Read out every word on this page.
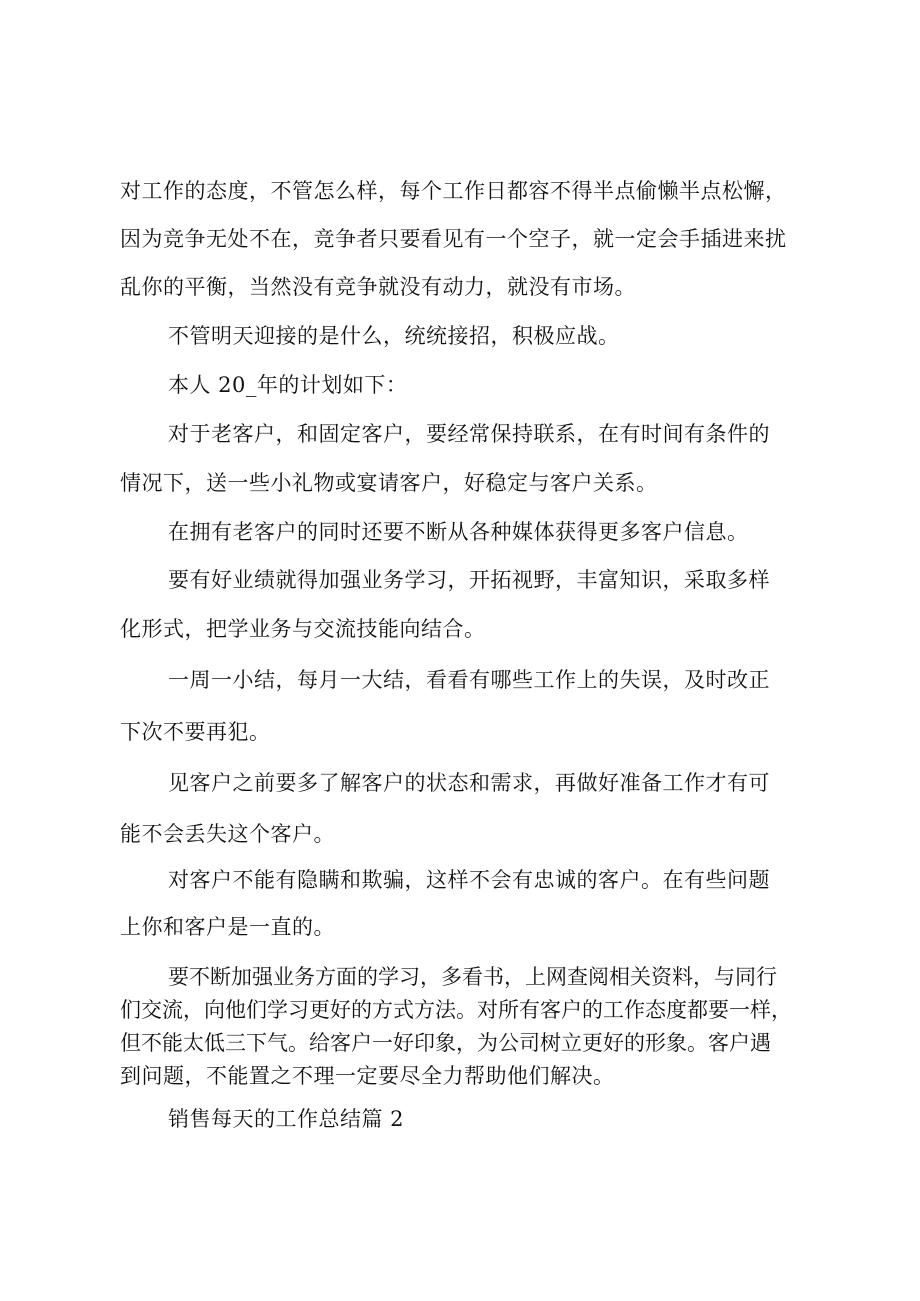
对工作的态度，不管怎么样，每个工作日都容不得半点偷懒半点松懈，
因为竞争无处不在，竞争者只要看见有一个空子，就一定会手插进来扰
乱你的平衡，当然没有竞争就没有动力，就没有市场。
不管明天迎接的是什么，统统接招，积极应战。
本人 20_年的计划如下：
对于老客户，和固定客户，要经常保持联系，在有时间有条件的
情况下，送一些小礼物或宴请客户，好稳定与客户关系。
在拥有老客户的同时还要不断从各种媒体获得更多客户信息。
要有好业绩就得加强业务学习，开拓视野，丰富知识，采取多样
化形式，把学业务与交流技能向结合。
一周一小结，每月一大结，看看有哪些工作上的失误，及时改正
下次不要再犯。
见客户之前要多了解客户的状态和需求，再做好准备工作才有可
能不会丢失这个客户。
对客户不能有隐瞒和欺骗，这样不会有忠诚的客户。在有些问题
上你和客户是一直的。
要不断加强业务方面的学习，多看书，上网查阅相关资料，与同行
们交流，向他们学习更好的方式方法。对所有客户的工作态度都要一样，
但不能太低三下气。给客户一好印象，为公司树立更好的形象。客户遇
到问题，不能置之不理一定要尽全力帮助他们解决。
销售每天的工作总结篇 2
